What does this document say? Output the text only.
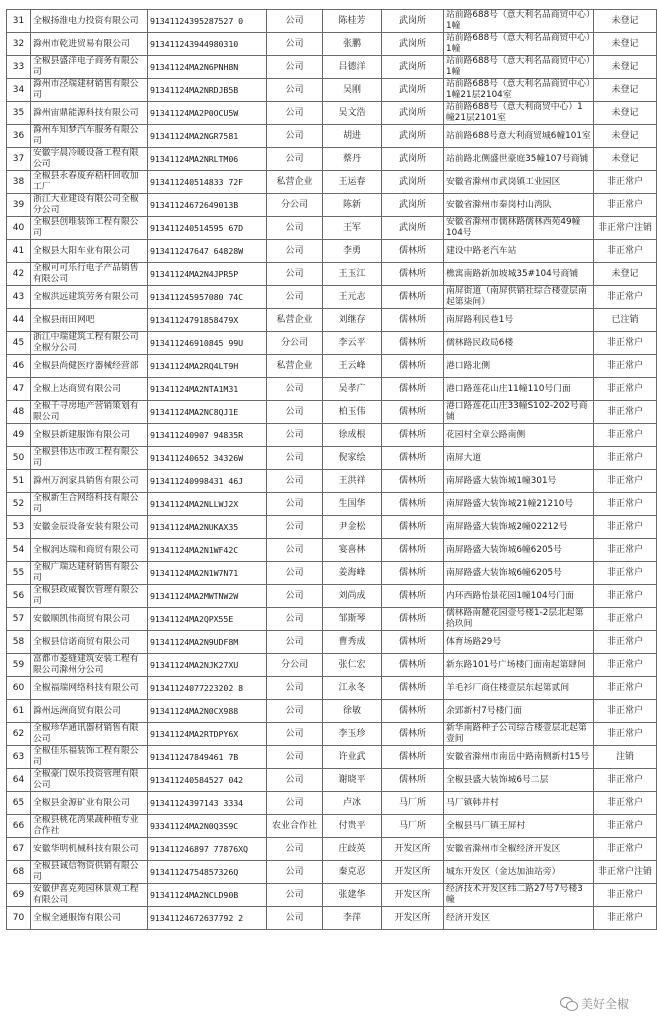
31	全椒扬淮电力投资有限公司	91341124395287527 0	公司	陈桂芳	武岗所	站前路688号（意大利名品商贸中心）1幢	未登记
32	滁州市乾进贸易有限公司	913411243944980310	公司	张鹏	武岗所	站前路688号（意大利名品商贸中心）1幢	未登记
33	全椒县盛洋电子商务有限公司	91341124MA2N6PNH8N	公司	吕德洋	武岗所	站前路688号（意大利名品商贸中心）1幢	未登记
34	滁州市泾瑞建材销售有限公司	91341124MA2NRDJB5B	公司	吴刚	武岗所	站前路688号（意大利名品商贸中心）1幢21层2104室	未登记
35	滁州宙鼎能源科技有限公司	91341124MA2P0OCU5W	公司	吴文浩	武岗所	站前路688号（意大利商贸中心）1幢21层2101室	未登记
36	滁州车知梦汽车服务有限公司	91341124MA2NGR7581	公司	胡进	武岗所	站前路688号意大利商贸城6幢101室	未登记
37	安徽宇晨冷暖设备工程有限公司	91341124MA2NRLTM06	公司	蔡丹	武岗所	站前路北侧盛世豪庭35幢107号商铺	未登记
38	全椒县永春废弃秸秆回收加工厂	913411240514833 72F	私营企业	王运春	武岗所	安徽省滁州市武岗镇工业园区	非正常户
39	浙江大业建设有限公司全椒分公司	91341124672649013B	分公司	陈新	武岗所	安徽省滁州市秦岗村山湾队	非正常户
40	全椒县创唯装饰工程有限公司	913411240514595 67D	公司	王军	武岗所	安徽省滁州市儒林路儒林西苑49幢104号	非正常户注销
41	全椒县大阳车业有限公司	913411247647 64828W	公司	李勇	儒林所	建设中路老汽车站	非正常户
42	全椒可可乐行电子产品销售有限公司	91341124MA2N4JPR5P	公司	王玉江	儒林所	樵寓南路新加坡城35#104号商铺	未登记
43	全椒洪远建筑劳务有限公司	913411245957080 74C	公司	王元志	儒林所	南屏街道（南屏供销社综合楼壹层南起第柒间）	非正常户
44	全椒县雨田网吧	91341124791858479X	私营企业	刘继存	儒林所	南屏路利民巷1号	已注销
45	浙江中瑞建筑工程有限公司全椒分公司	913411246910845 99U	分公司	李云平	儒林所	儒林路民政局6楼	非正常户
46	全椒县尚健医疗器械经营部	91341124MA2RQ4LT9H	私营企业	王云峰	儒林所	港口路北侧	非正常户
47	全椒上达商贸有限公司	91341124MA2NTA1M31	公司	吴孝广	儒林所	港口路莲花山庄11幢110号门面	非正常户
48	全椒千寻房地产营销策划有限公司	91341124MA2NC8QJ1E	公司	柏玉伟	儒林所	港口路莲花山庄33幢S102-202号商铺	非正常户
49	全椒县新建服饰有限公司	913411240907 94835R	公司	徐成根	儒林所	花园村全章公路南侧	非正常户
50	全椒县伟达市政工程有限公司	913411240652 34326W	公司	倪家绘	儒林所	南屏大道	非正常户
51	滁州万润家具销售有限公司	913411240998431 46J	公司	王洪祥	儒林所	南屏路盛大装饰城1幢301号	非正常户
52	全椒新生合网络科技有限公司	91341124MA2NLLWJ2X	公司	生国华	儒林所	南屏路盛大装饰城21幢21210号	非正常户
53	安徽金辰设备安装有限公司	91341124MA2NUKAX35	公司	尹金松	儒林所	南屏路盛大装饰城2幢02212号	非正常户
54	全椒润达瑞和商贸有限公司	91341124MA2N1WF42C	公司	宴喜林	儒林所	南屏路盛大装饰城6幢6205号	非正常户
55	全椒广瑞达建材销售有限公司	91341124MA2N1W7N71	公司	姜海峰	儒林所	南屏路盛大装饰城6幢6205号	非正常户
56	全椒县政威餐饮管理有限公司	91341124MA2MWTNW2W	公司	刘尚成	儒林所	内环西路怡景花园1幢104号门面	非正常户
57	安徽顺凯伟商贸有限公司	91341124MA2QPX55E	公司	邹斯琴	儒林所	儒林路南麓花园壹号楼1-2层北起第拾玖间	非正常户
58	全椒县信诺商贸有限公司	91341124MA2N9UDF8M	公司	曹秀成	儒林所	体育场路29号	非正常户
59	富都市菱缝建筑安装工程有限公司滁州分公司	91341124MA2NJK27XU	分公司	张仁宏	儒林所	新东路101号广场楼门面南起第肆间	非正常户
60	全椒福瑞网络科技有限公司	91341124077223202 8	公司	江永冬	儒林所	羊毛衫厂商住楼壹层东起第贰间	非正常户
61	滁州远洲商贸有限公司	91341124MA2N0CX988	公司	徐敏	儒林所	余郢新村7号楼门面	非正常户
62	全椒珍华通讯器材销售有限公司	91341124MA2RTDPY6X	公司	李玉珍	儒林所	新华南路种子公司综合楼壹层北起第壹间	非正常户
63	全椒佳乐福装饰工程有限公司	913411247849461 7B	公司	许业武	儒林所	安徽省滁州市南岳中路南侧新村15号	注销
64	全椒豪门娱乐投资管理有限公司	913411240584527 042	公司	谢晓平	儒林所	全椒县盛大装饰城6号二层	非正常户
65	全椒县金源矿业有限公司	91341124397143 3334	公司	卢冰	马厂所	马厂镇韩井村	非正常户
66	全椒县桃花湾果蔬种植专业合作社	93341124MA2N0Q3S9C	农业合作社	付贵平	马厂所	全椒县马厂镇王屏村	非正常户
67	安徽华明机械科技有限公司	913411246897 77876XQ	公司	庄歧英	开发区所	安徽省滁州市全椒经济开发区	非正常户
68	全椒县诚信物资供销有限公司	91341124754857326Q	公司	秦克忍	开发区所	城东开发区（金达加油站旁）	非正常户注销
69	安徽伊喜克苑园林景观工程有限公司	91341124MA2NCLD90B	公司	张建华	开发区所	经济技术开发区纬二路27号7号楼3幢	非正常户
70	全椒全通服饰有限公司	91341124672637792 2	公司	李萍	开发区所	经济开发区	非正常户
美好全椒
